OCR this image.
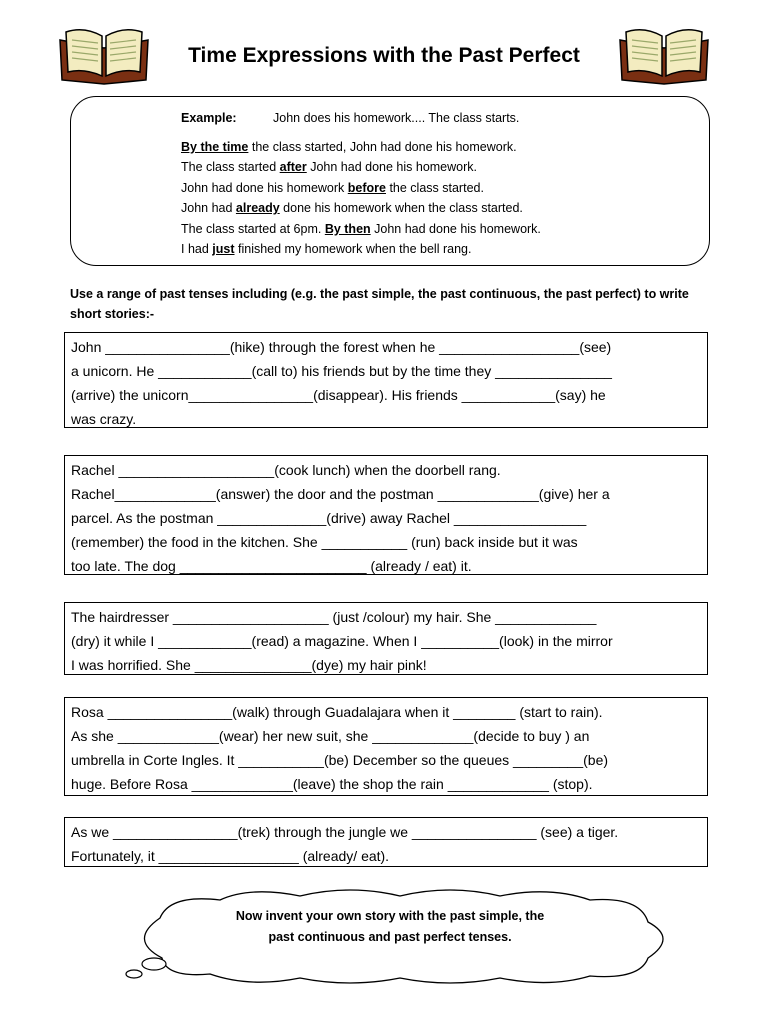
Time Expressions with the Past Perfect
Example:	John does his homework.... The class starts.
By the time the class started, John had done his homework.
The class started after John had done his homework.
John had done his homework before the class started.
John had already done his homework when the class started.
The class started at 6pm. By then John had done his homework.
I had just finished my homework when the bell rang.
Use a range of past tenses including (e.g. the past simple, the past continuous, the past perfect) to write short stories:-
John ________________(hike) through the forest when he __________________(see)
a unicorn. He ____________(call to) his friends but by the time they _______________
(arrive) the unicorn________________(disappear). His friends ____________(say) he
was crazy.
Rachel ____________________(cook lunch) when the doorbell rang.
Rachel_____________(answer) the door and the postman _____________(give) her a
parcel. As the postman ______________(drive) away Rachel _________________
(remember) the food in the kitchen. She ___________ (run) back inside but it was
too late. The dog ________________________ (already / eat) it.
The hairdresser ____________________ (just /colour) my hair. She _____________
(dry) it while I ____________(read) a magazine. When I __________(look) in the mirror
I was horrified. She _______________(dye) my hair pink!
Rosa ________________(walk) through Guadalajara when it ________ (start to rain).
As she _____________(wear) her new suit, she _____________(decide to buy ) an
umbrella in Corte Ingles. It ___________(be) December so the queues _________(be)
huge. Before Rosa _____________(leave) the shop the rain _____________ (stop).
As we ________________(trek) through the jungle we ________________ (see) a tiger.
Fortunately, it __________________ (already/ eat).
Now invent your own story with the past simple, the
past continuous and past perfect tenses.
